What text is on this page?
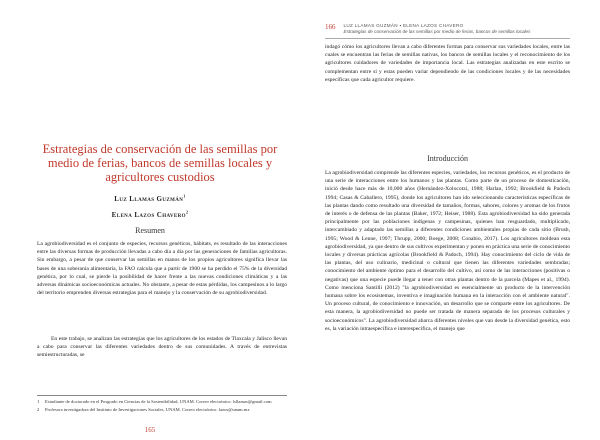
Estrategias de conservación de las semillas por medio de ferias, bancos de semillas locales y agricultores custodios
Luz Llamas Guzmán$^1$
Elena Lazos Chavero$^2$
Resumen

La agrobiodiversidad es el conjunto de especies, recursos genéticos, hábitats, es resultado de las interacciones entre las diversas formas de producción llevadas a cabo día a día por las generaciones de familias agricultoras. Sin embargo, a pesar de que conservar las semillas en manos de los propios agricultores significa llevar las bases de una soberanía alimentaria, la FAO calcula que a partir de 1900 se ha perdido el 75% de la diversidad genética, por lo cual, se pierde la posibilidad de hacer frente a las nuevas condiciones climáticas y a las adversas dinámicas socioeconómicas actuales. No obstante, a pesar de estas pérdidas, los campesinos a lo largo del territorio emprenden diversas estrategias para el manejo y la conservación de su agrobiodiversidad.

En este trabajo, se analizan las estrategias que los agricultores de los estados de Tlaxcala y Jalisco llevan a cabo para conservar las diferentes variedades dentro de sus comunidades. A través de entrevistas semiestructuradas, se

1 Estudiante de doctorado en el Posgrado en Ciencias de la Sostenibilidad, UNAM. Correo electrónico: lsllamas@gmail.com

2 Profesora investigadora del Instituto de Investigaciones Sociales, UNAM. Correo electrónico: lazos@unam.mx

165
166 LUZ LLAMAS GUZMÁN ▪ ELENA LAZOS CHAVERO
Estrategias de conservación de las semillas por medio de ferias, bancos de semillas locales

indagó cómo los agricultores llevan a cabo diferentes formas para conservar sus variedades locales, entre las cuales se encuentran las ferias de semillas nativas, los bancos de semillas locales y el reconocimiento de los agricultores cuidadores de variedades de importancia local. Las estrategias analizadas en este escrito se complementan entre sí y estas pueden variar dependiendo de las condiciones locales y de las necesidades específicas que cada agricultor requiere.

Introducción

La agrobiodiversidad comprende las diferentes especies, variedades, los recursos genéticos, es el producto de una serie de interacciones entre los humanos y las plantas. Como parte de un proceso de domesticación, inició desde hace más de 10,000 años (Hernández-Xolocotzi, 1988; Harlan, 1992; Brookfield & Padoch 1994; Casas & Caballero, 1995), donde los agricultores han ido seleccionando características específicas de las plantas dando como resultado una diversidad de tamaños, formas, sabores, colores y aromas de los frutos de interés o de defensa de las plantas (Baker, 1972; Heiser, 1988). Esta agrobiodiversidad ha sido generada principalmente por las poblaciones indígenas y campesinas, quienes han resguardado, multiplicado, intercambiado y adaptado las semillas a diferentes condiciones ambientales propias de cada sitio (Brush, 1995; Wood & Lenne, 1997; Thrupp, 2000; Boege, 2008; Conabio, 2017). Los agricultores moldean esta agrobiodiversidad, ya que dentro de sus cultivos experimentan y ponen en práctica una serie de conocimiento locales y diversas prácticas agrícolas (Brookfield & Padoch, 1994). Hay conocimiento del ciclo de vida de las plantas, del uso culinario, medicinal o cultural que tienen las diferentes variedades sembradas; conocimiento del ambiente óptimo para el desarrollo del cultivo, así como de las interacciones (positivas o negativas) que una especie puede llegar a tener con otras plantas dentro de la parcela (Mapes et al., 1994). Como menciona Santilli (2012) "la agrobiodiversidad es esencialmente un producto de la intervención humana sobre los ecosistemas, inventiva e imaginación humana en la interacción con el ambiente natural". Un proceso cultural, de conocimiento e innovación, un desarrollo que se comparte entre los agricultores. De esta manera, la agrobiodiversidad no puede ser tratada de manera separada de los procesos culturales y socioeconómicos". La agrobiodiversidad abarca diferentes niveles que van desde la diversidad genética, esto es, la variación intraespecífica e interespecífica, el manejo que
